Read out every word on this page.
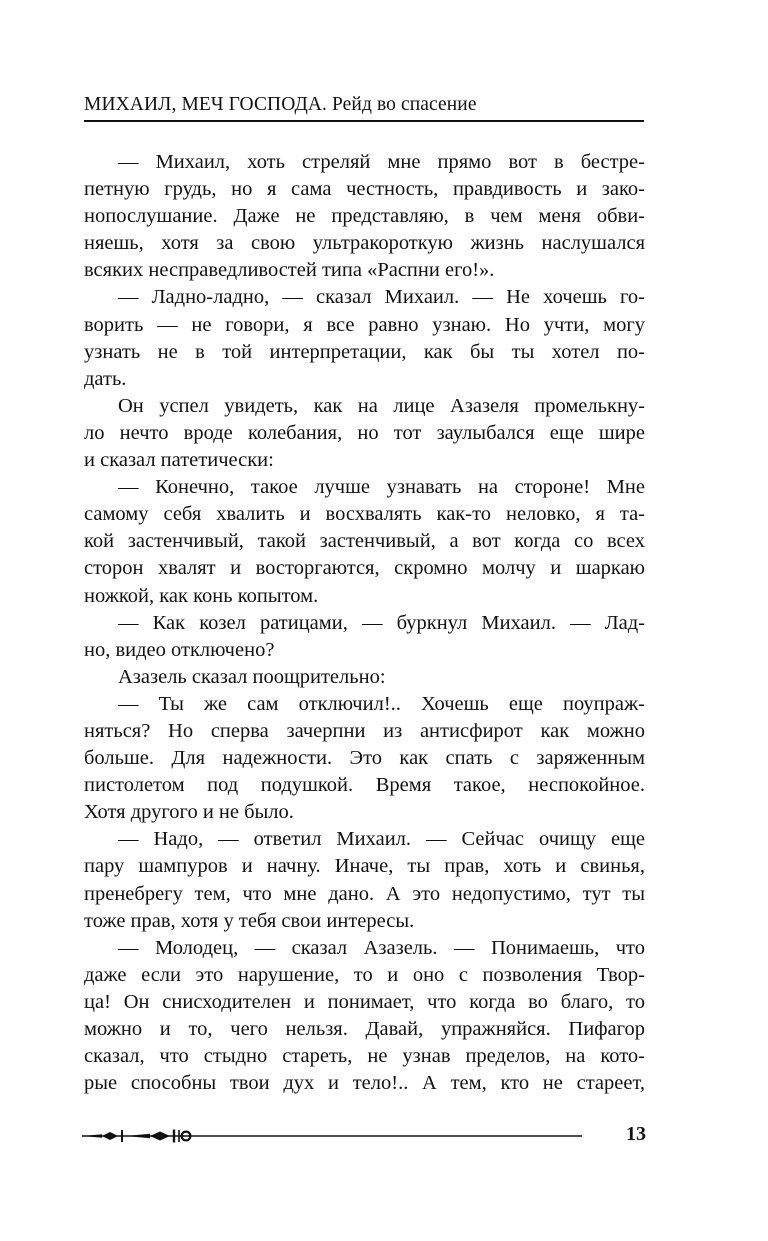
МИХАИЛ, МЕЧ ГОСПОДА. Рейд во спасение
— Михаил, хоть стреляй мне прямо вот в бестре-
петную грудь, но я сама честность, правдивость и зако-
нопослушание. Даже не представляю, в чем меня обви-
няешь, хотя за свою ультракороткую жизнь наслушался
всяких несправедливостей типа «Распни его!».
— Ладно-ладно, — сказал Михаил. — Не хочешь го-
ворить — не говори, я все равно узнаю. Но учти, могу
узнать не в той интерпретации, как бы ты хотел по-
дать.
Он успел увидеть, как на лице Азазеля промелькну-
ло нечто вроде колебания, но тот заулыбался еще шире
и сказал патетически:
— Конечно, такое лучше узнавать на стороне! Мне
самому себя хвалить и восхвалять как-то неловко, я та-
кой застенчивый, такой застенчивый, а вот когда со всех
сторон хвалят и восторгаются, скромно молчу и шаркаю
ножкой, как конь копытом.
— Как козел ратицами, — буркнул Михаил. — Лад-
но, видео отключено?
Азазель сказал поощрительно:
— Ты же сам отключил!.. Хочешь еще поупраж-
няться? Но сперва зачерпни из антисфирот как можно
больше. Для надежности. Это как спать с заряженным
пистолетом под подушкой. Время такое, неспокойное.
Хотя другого и не было.
— Надо, — ответил Михаил. — Сейчас очищу еще
пару шампуров и начну. Иначе, ты прав, хоть и свинья,
пренебрегу тем, что мне дано. А это недопустимо, тут ты
тоже прав, хотя у тебя свои интересы.
— Молодец, — сказал Азазель. — Понимаешь, что
даже если это нарушение, то и оно с позволения Твор-
ца! Он снисходителен и понимает, что когда во благо, то
можно и то, чего нельзя. Давай, упражняйся. Пифагор
сказал, что стыдно стареть, не узнав пределов, на кото-
рые способны твои дух и тело!.. А тем, кто не стареет,
13
